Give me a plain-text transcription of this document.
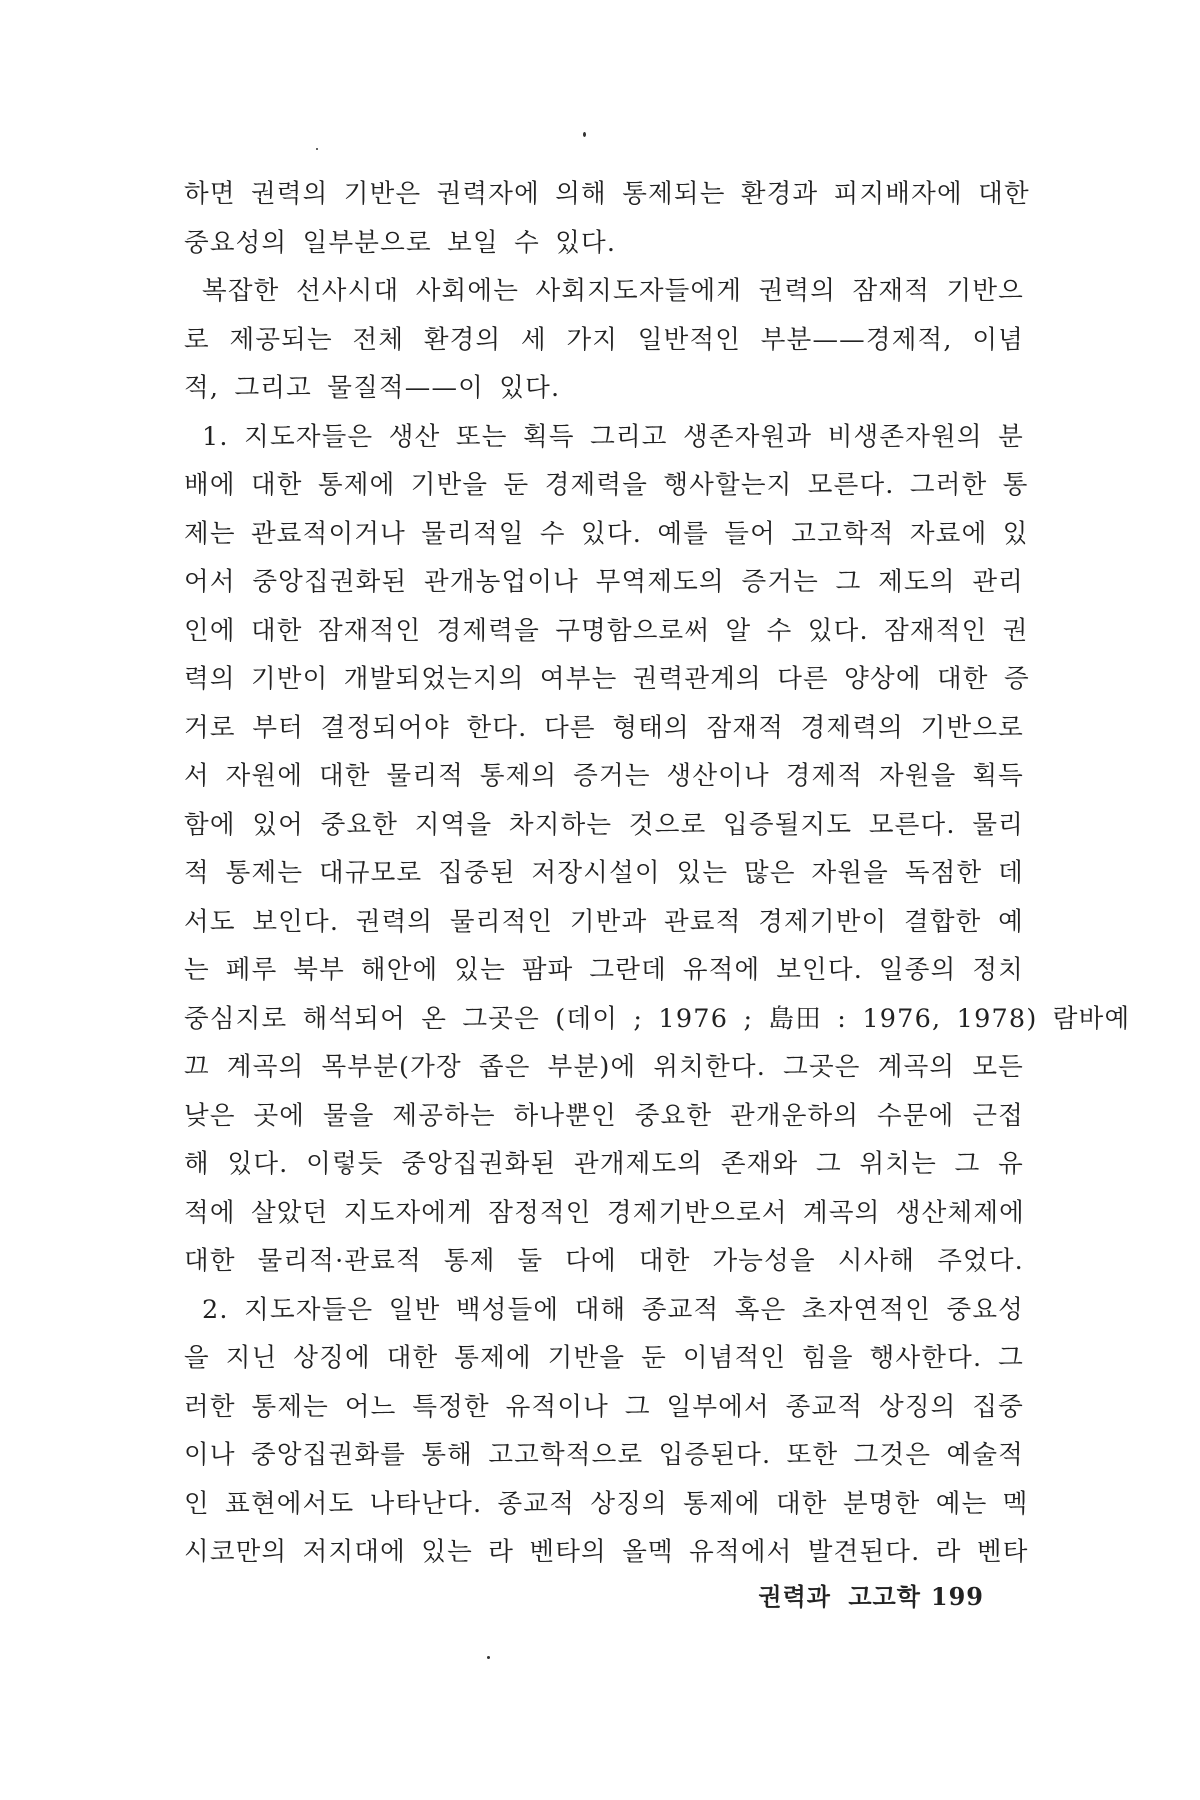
하면 권력의 기반은 권력자에 의해 통제되는 환경과 피지배자에 대한
중요성의 일부분으로 보일 수 있다.
복잡한 선사시대 사회에는 사회지도자들에게 권력의 잠재적 기반으
로 제공되는 전체 환경의 세 가지 일반적인 부분——경제적, 이념
적, 그리고 물질적——이 있다.
1. 지도자들은 생산 또는 획득 그리고 생존자원과 비생존자원의 분
배에 대한 통제에 기반을 둔 경제력을 행사할는지 모른다. 그러한 통
제는 관료적이거나 물리적일 수 있다. 예를 들어 고고학적 자료에 있
어서 중앙집권화된 관개농업이나 무역제도의 증거는 그 제도의 관리
인에 대한 잠재적인 경제력을 구명함으로써 알 수 있다. 잠재적인 권
력의 기반이 개발되었는지의 여부는 권력관계의 다른 양상에 대한 증
거로 부터 결정되어야 한다. 다른 형태의 잠재적 경제력의 기반으로
서 자원에 대한 물리적 통제의 증거는 생산이나 경제적 자원을 획득
함에 있어 중요한 지역을 차지하는 것으로 입증될지도 모른다. 물리
적 통제는 대규모로 집중된 저장시설이 있는 많은 자원을 독점한 데
서도 보인다. 권력의 물리적인 기반과 관료적 경제기반이 결합한 예
는 페루 북부 해안에 있는 팜파 그란데 유적에 보인다. 일종의 정치
중심지로 해석되어 온 그곳은 (데이 ; 1976 ; 島田 : 1976, 1978) 람바예
끄 계곡의 목부분(가장 좁은 부분)에 위치한다. 그곳은 계곡의 모든
낮은 곳에 물을 제공하는 하나뿐인 중요한 관개운하의 수문에 근접
해 있다. 이렇듯 중앙집권화된 관개제도의 존재와 그 위치는 그 유
적에 살았던 지도자에게 잠정적인 경제기반으로서 계곡의 생산체제에
대한 물리적·관료적 통제 둘 다에 대한 가능성을 시사해 주었다.
2. 지도자들은 일반 백성들에 대해 종교적 혹은 초자연적인 중요성
을 지닌 상징에 대한 통제에 기반을 둔 이념적인 힘을 행사한다. 그
러한 통제는 어느 특정한 유적이나 그 일부에서 종교적 상징의 집중
이나 중앙집권화를 통해 고고학적으로 입증된다. 또한 그것은 예술적
인 표현에서도 나타난다. 종교적 상징의 통제에 대한 분명한 예는 멕
시코만의 저지대에 있는 라 벤타의 올멕 유적에서 발견된다. 라 벤타
권력과 고고학 199
